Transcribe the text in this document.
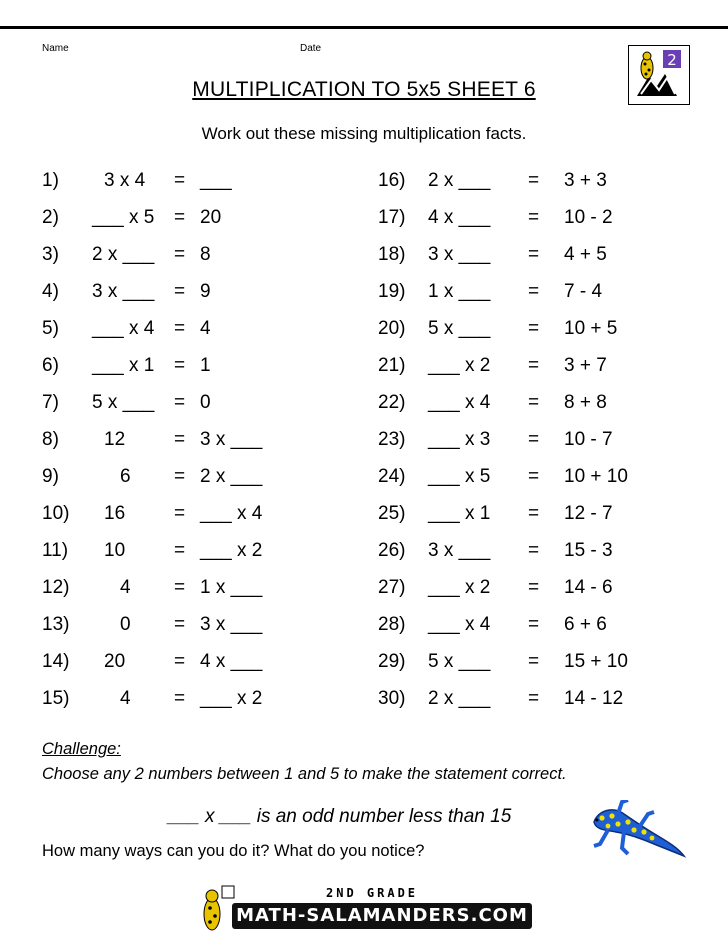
Name	Date
2
MULTIPLICATION TO 5x5 SHEET 6
Work out these missing multiplication facts.
1) 3 x 4 = ___
2) ___ x 5 = 20
3) 2 x ___ = 8
4) 3 x ___ = 9
5) ___ x 4 = 4
6) ___ x 1 = 1
7) 5 x ___ = 0
8) 12	= 3 x ___
9)	6 = 2 x ___
10) 16	= ___ x 4
11) 10	= ___ x 2
12)	4 = 1 x ___
13)	0 = 3 x ___
14) 20	= 4 x ___
15)	4 = ___ x 2
16) 2 x ___ = 3 + 3
17) 4 x ___ = 10 - 2
18) 3 x ___ = 4 + 5
19) 1 x ___ = 7 - 4
20) 5 x ___ = 10 + 5
21) ___ x 2 = 3 + 7
22) ___ x 4 = 8 + 8
23) ___ x 3 = 10 - 7
24) ___ x 5 = 10 + 10
25) ___ x 1 = 12 - 7
26) 3 x ___ = 15 - 3
27) ___ x 2 = 14 - 6
28) ___ x 4 = 6 + 6
29) 5 x ___ = 15 + 10
30) 2 x ___ = 14 - 12
Challenge:
Choose any 2 numbers between 1 and 5 to make the statement correct.
___ x ___ is an odd number less than 15
How many ways can you do it? What do you notice?
2ND GRADE
MATH-SALAMANDERS.COM
